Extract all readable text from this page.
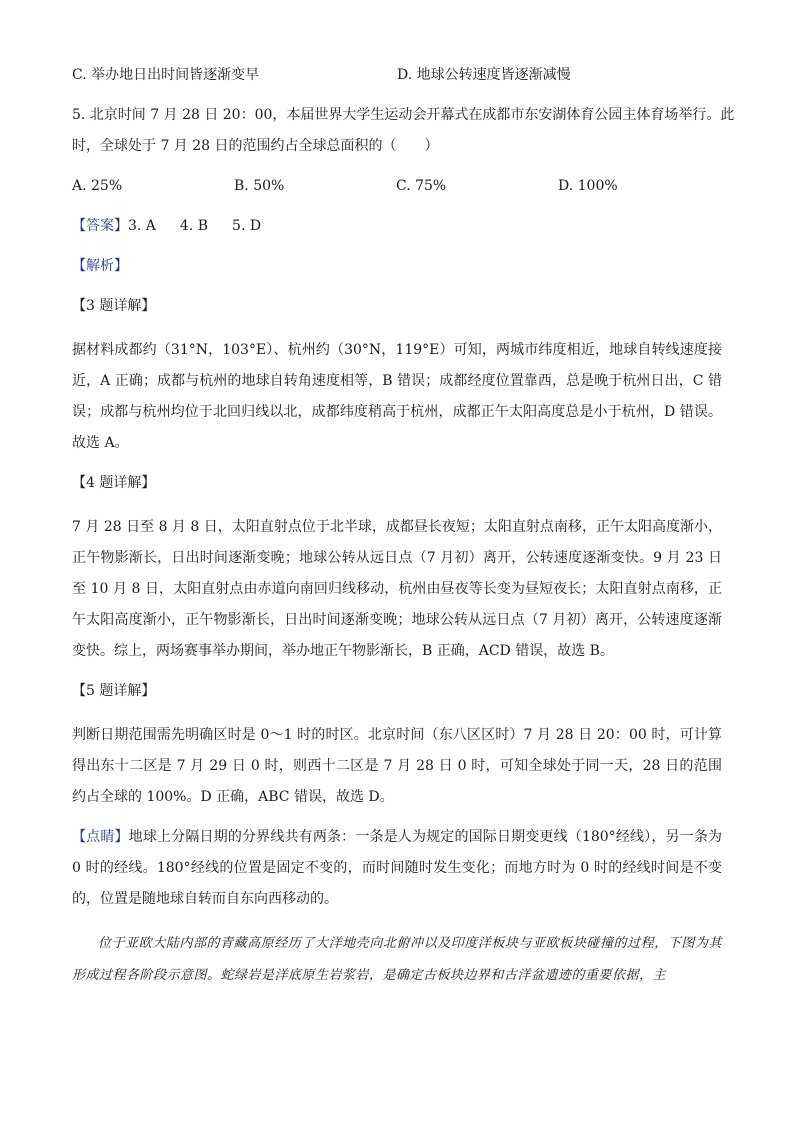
C. 举办地日出时间皆逐渐变早	D. 地球公转速度皆逐渐减慢

5. 北京时间 7 月 28 日 20：00，本届世界大学生运动会开幕式在成都市东安湖体育公园主体育场举行。此

时，全球处于 7 月 28 日的范围约占全球总面积的（　　）

A. 25%	B. 50%	C. 75%	D. 100%
【答案】 3. A 4. B 5. D
【解析】
【3 题详解】

据材料成都约（31°N，103°E）、杭州约（30°N，119°E）可知，两城市纬度相近，地球自转线速度接近，A 正确；成都与杭州的地球自转角速度相等，B 错误；成都经度位置靠西，总是晚于杭州日出，C 错误；成都与杭州均位于北回归线以北，成都纬度稍高于杭州，成都正午太阳高度总是小于杭州，D 错误。故选 A。

【4 题详解】

7 月 28 日至 8 月 8 日，太阳直射点位于北半球，成都昼长夜短；太阳直射点南移，正午太阳高度渐小，正午物影渐长，日出时间逐渐变晚；地球公转从远日点（7 月初）离开，公转速度逐渐变快。9 月 23 日至 10 月 8 日，太阳直射点由赤道向南回归线移动，杭州由昼夜等长变为昼短夜长；太阳直射点南移，正午太阳高度渐小，正午物影渐长，日出时间逐渐变晚；地球公转从远日点（7 月初）离开，公转速度逐渐变快。综上，两场赛事举办期间，举办地正午物影渐长，B 正确，ACD 错误，故选 B。

【5 题详解】

判断日期范围需先明确区时是 0～1 时的时区。北京时间（东八区区时）7 月 28 日 20：00 时，可计算得出东十二区是 7 月 29 日 0 时，则西十二区是 7 月 28 日 0 时，可知全球处于同一天，28 日的范围约占全球的 100%。D 正确，ABC 错误，故选 D。

【点睛】地球上分隔日期的分界线共有两条：一条是人为规定的国际日期变更线（180°经线），另一条为 0 时的经线。180°经线的位置是固定不变的，而时间随时发生变化；而地方时为 0 时的经线时间是不变的，位置是随地球自转而自东向西移动的。

位于亚欧大陆内部的青藏高原经历了大洋地壳向北俯冲以及印度洋板块与亚欧板块碰撞的过程，下图为其形成过程各阶段示意图。蛇绿岩是洋底原生岩浆岩，是确定古板块边界和古洋盆遗迹的重要依据，主
